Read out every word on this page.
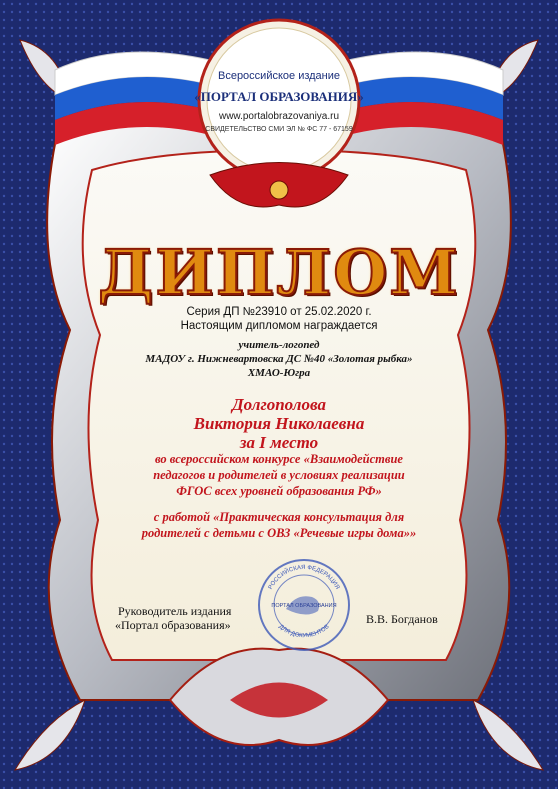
Всероссийское издание
«ПОРТАЛ ОБРАЗОВАНИЯ»
www.portalobrazovaniya.ru
СВИДЕТЕЛЬСТВО СМИ ЭЛ № ФС 77 - 67159
ДИПЛОМ
Серия ДП №23910 от 25.02.2020 г.
Настоящим дипломом награждается
учитель-логопед
МАДОУ г. Нижневартовска ДС №40 «Золотая рыбка»
ХМАО-Югра
Долгополова
Виктория Николаевна
за I место
во всероссийском конкурсе «Взаимодействие
педагогов и родителей в условиях реализации
ФГОС всех уровней образования РФ»
с работой «Практическая консультация для
родителей с детьми с ОВЗ «Речевые игры дома»»
Руководитель издания
«Портал образования»	В.В. Богданов
РОССИЙСКАЯ ФЕДЕРАЦИЯ
ДЛЯ ДОКУМЕНТОВ
ПОРТАЛ ОБРАЗОВАНИЯ
